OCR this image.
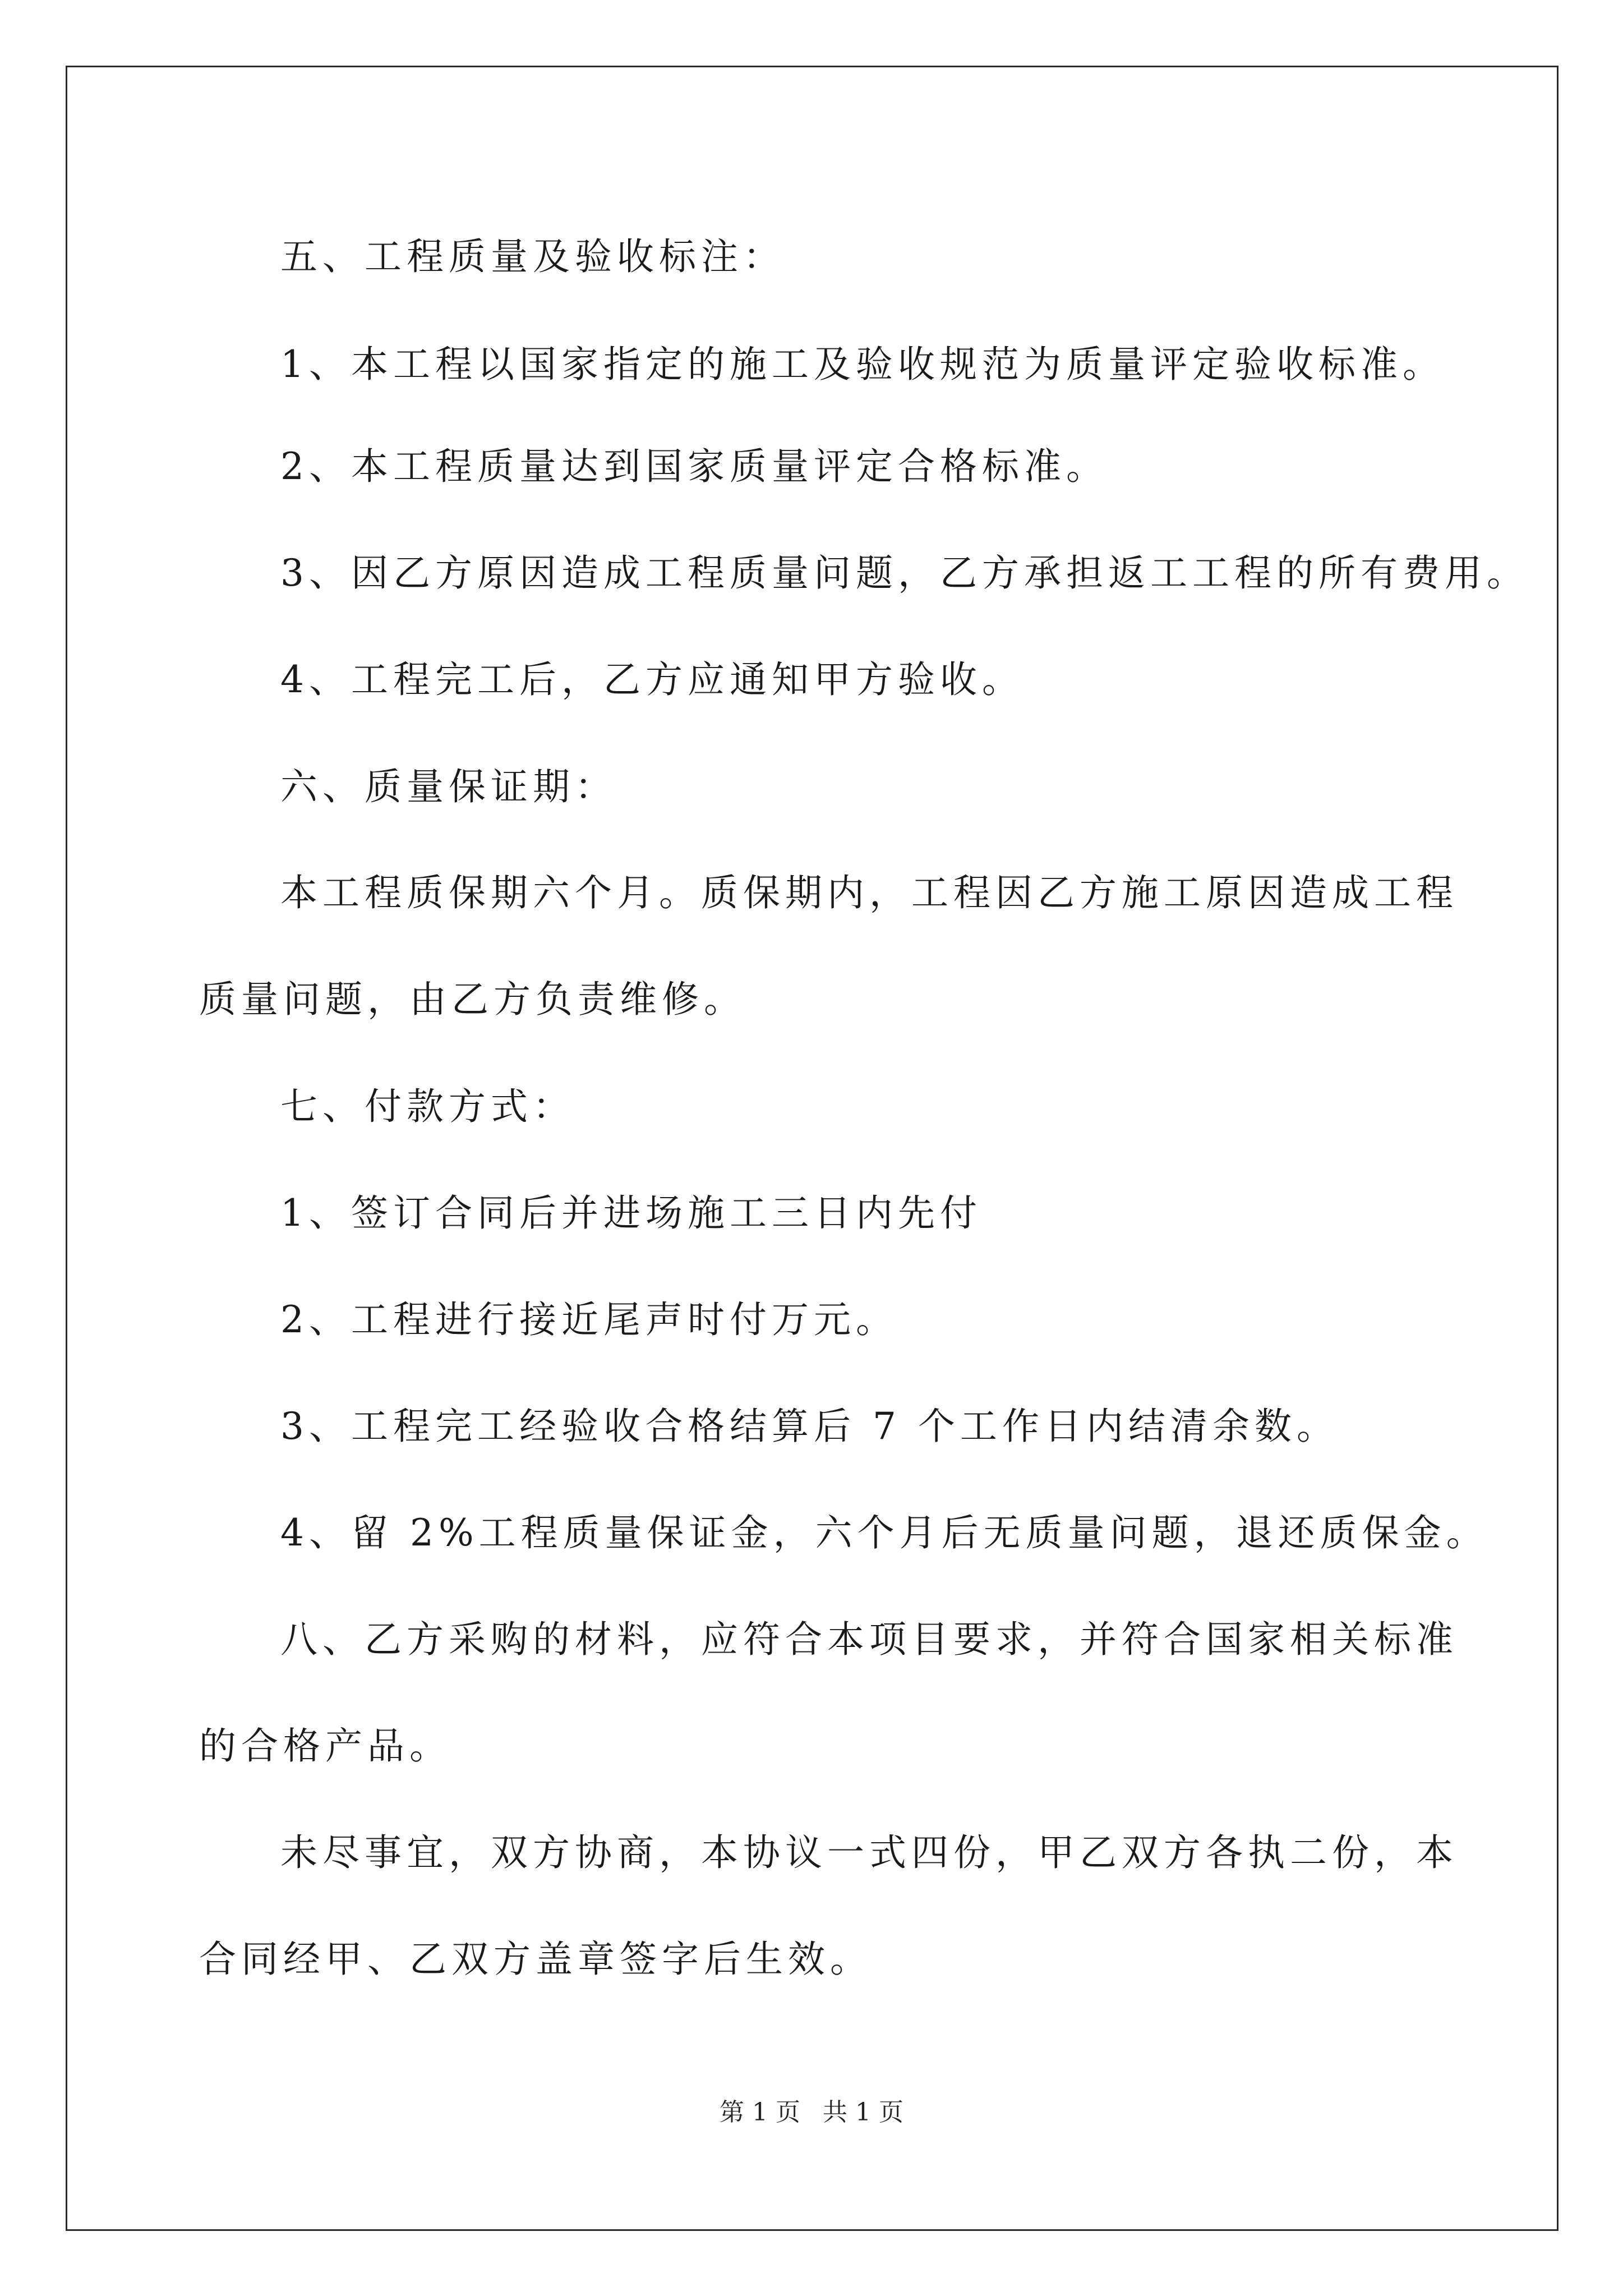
五、工程质量及验收标注：
1、本工程以国家指定的施工及验收规范为质量评定验收标准。
2、本工程质量达到国家质量评定合格标准。
3、因乙方原因造成工程质量问题，乙方承担返工工程的所有费用。
4、工程完工后，乙方应通知甲方验收。
六、质量保证期：
本工程质保期六个月。质保期内，工程因乙方施工原因造成工程
质量问题，由乙方负责维修。
七、付款方式：
1、签订合同后并进场施工三日内先付
2、工程进行接近尾声时付万元。
3、工程完工经验收合格结算后 7 个工作日内结清余数。
4、留 2%工程质量保证金，六个月后无质量问题，退还质保金。
八、乙方采购的材料，应符合本项目要求，并符合国家相关标准
的合格产品。
未尽事宜，双方协商，本协议一式四份，甲乙双方各执二份，本
合同经甲、乙双方盖章签字后生效。
第 1 页 共 1 页
